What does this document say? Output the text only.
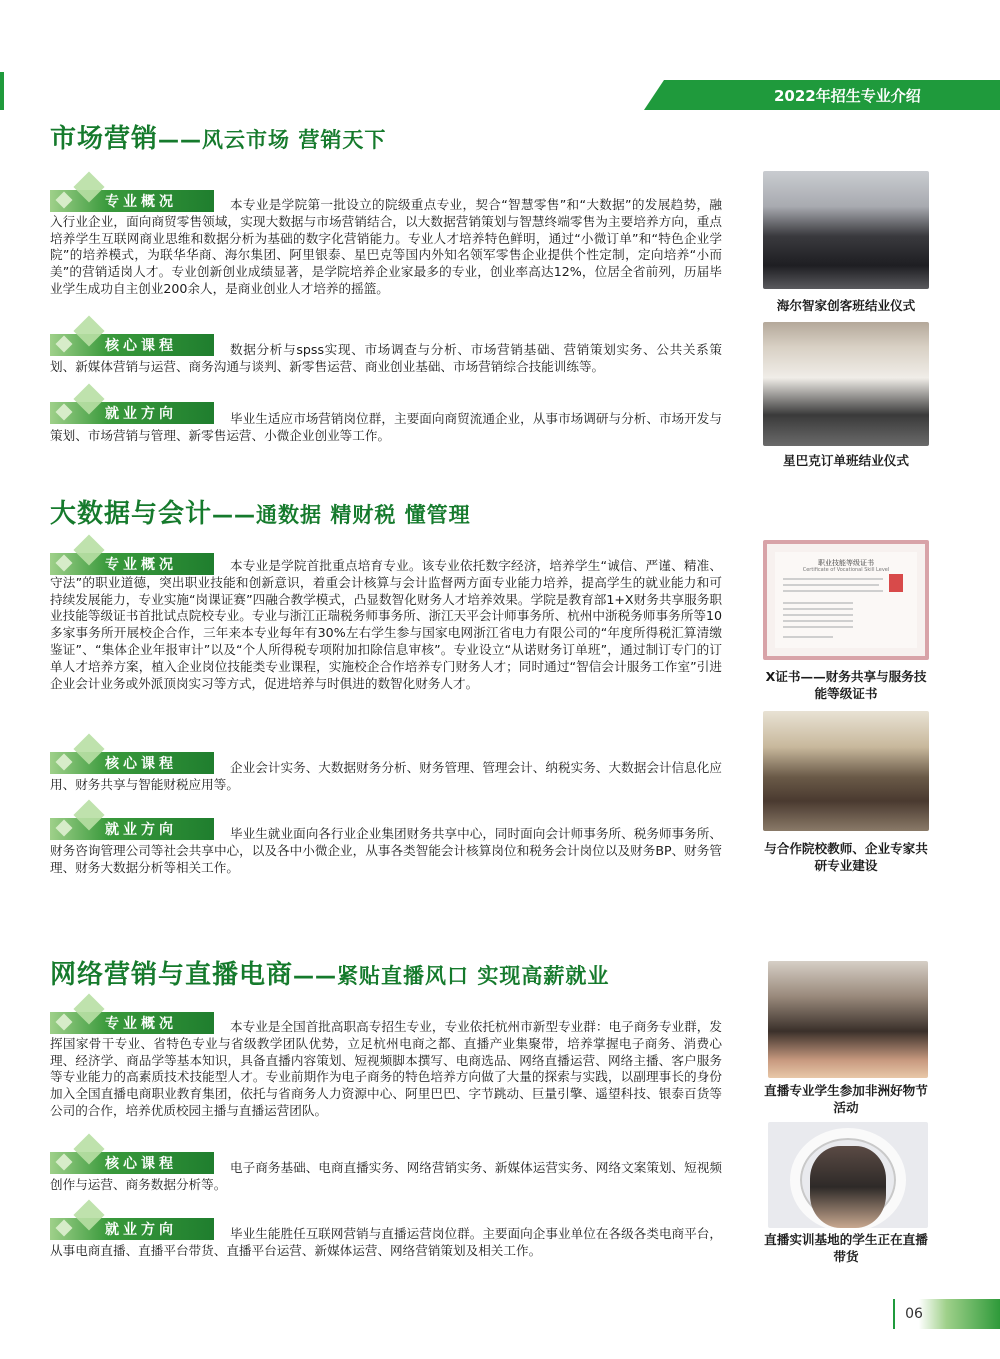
2022年招生专业介绍
市场营销——风云市场 营销天下
专业概况	本专业是学院第一批设立的院级重点专业，契合“智慧零售”和“大数据”的发展趋势，融入行业企业，面向商贸零售领域，实现大数据与市场营销结合，以大数据营销策划与智慧终端零售为主要培养方向，重点培养学生互联网商业思维和数据分析为基础的数字化营销能力。专业人才培养特色鲜明，通过“小微订单”和“特色企业学院”的培养模式，为联华华商、海尔集团、阿里银泰、星巴克等国内外知名领军零售企业提供个性定制，定向培养“小而美”的营销适岗人才。专业创新创业成绩显著，是学院培养企业家最多的专业，创业率高达12%，位居全省前列，历届毕业学生成功自主创业200余人，是商业创业人才培养的摇篮。
核心课程	数据分析与spss实现、市场调查与分析、市场营销基础、营销策划实务、公共关系策划、新媒体营销与运营、商务沟通与谈判、新零售运营、商业创业基础、市场营销综合技能训练等。
就业方向	毕业生适应市场营销岗位群，主要面向商贸流通企业，从事市场调研与分析、市场开发与策划、市场营销与管理、新零售运营、小微企业创业等工作。
海尔智家创客班结业仪式
星巴克订单班结业仪式
大数据与会计——通数据 精财税 懂管理
专业概况	本专业是学院首批重点培育专业。该专业依托数字经济，培养学生“诚信、严谨、精准、守法”的职业道德，突出职业技能和创新意识，着重会计核算与会计监督两方面专业能力培养，提高学生的就业能力和可持续发展能力，专业实施“岗课证赛”四融合教学模式，凸显数智化财务人才培养效果。学院是教育部1+X财务共享服务职业技能等级证书首批试点院校专业。专业与浙江正瑞税务师事务所、浙江天平会计师事务所、杭州中浙税务师事务所等10多家事务所开展校企合作，三年来本专业每年有30%左右学生参与国家电网浙江省电力有限公司的“年度所得税汇算清缴鉴证”、“集体企业年报审计”以及“个人所得税专项附加扣除信息审核”。专业设立“从诺财务订单班”，通过制订专门的订单人才培养方案，植入企业岗位技能类专业课程，实施校企合作培养专门财务人才；同时通过“智信会计服务工作室”引进企业会计业务或外派顶岗实习等方式，促进培养与时俱进的数智化财务人才。
核心课程	企业会计实务、大数据财务分析、财务管理、管理会计、纳税实务、大数据会计信息化应用、财务共享与智能财税应用等。
就业方向	毕业生就业面向各行业企业集团财务共享中心，同时面向会计师事务所、税务师事务所、财务咨询管理公司等社会共享中心，以及各中小微企业，从事各类智能会计核算岗位和税务会计岗位以及财务BP、财务管理、财务大数据分析等相关工作。
职业技能等级证书
Certificate of Vocational Skill Level
X证书——财务共享与服务技能等级证书
与合作院校教师、企业专家共研专业建设
网络营销与直播电商——紧贴直播风口 实现高薪就业
专业概况	本专业是全国首批高职高专招生专业，专业依托杭州市新型专业群：电子商务专业群，发挥国家骨干专业、省特色专业与省级教学团队优势，立足杭州电商之都、直播产业集聚带，培养掌握电子商务、消费心理、经济学、商品学等基本知识，具备直播内容策划、短视频脚本撰写、电商选品、网络直播运营、网络主播、客户服务等专业能力的高素质技术技能型人才。专业前期作为电子商务的特色培养方向做了大量的探索与实践，以副理事长的身份加入全国直播电商职业教育集团，依托与省商务人力资源中心、阿里巴巴、字节跳动、巨量引擎、遥望科技、银泰百货等公司的合作，培养优质校园主播与直播运营团队。
核心课程	电子商务基础、电商直播实务、网络营销实务、新媒体运营实务、网络文案策划、短视频创作与运营、商务数据分析等。
就业方向	毕业生能胜任互联网营销与直播运营岗位群。主要面向企事业单位在各级各类电商平台，从事电商直播、直播平台带货、直播平台运营、新媒体运营、网络营销策划及相关工作。
直播专业学生参加非洲好物节活动
直播实训基地的学生正在直播带货
06
